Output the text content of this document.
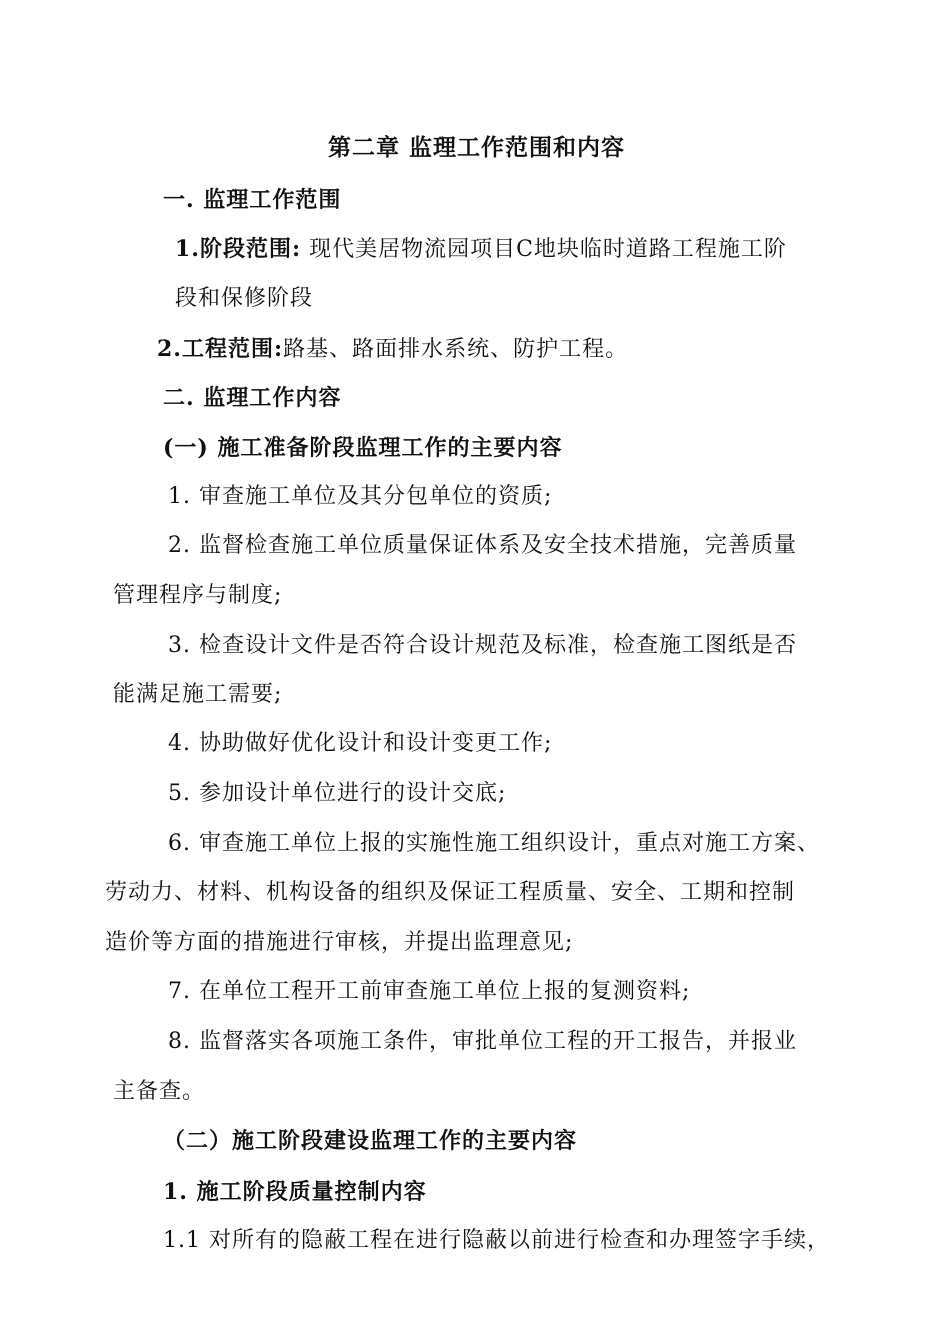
第二章 监理工作范围和内容

一. 监理工作范围

1.阶段范围: 现代美居物流园项目C地块临时道路工程施工阶

段和保修阶段

2.工程范围:路基、路面排水系统、防护工程。

二. 监理工作内容

(一) 施工准备阶段监理工作的主要内容

1. 审查施工单位及其分包单位的资质;

2. 监督检查施工单位质量保证体系及安全技术措施，完善质量

管理程序与制度;

3. 检查设计文件是否符合设计规范及标准，检查施工图纸是否

能满足施工需要;

4. 协助做好优化设计和设计变更工作;

5. 参加设计单位进行的设计交底;

6. 审查施工单位上报的实施性施工组织设计，重点对施工方案、

劳动力、材料、机构设备的组织及保证工程质量、安全、工期和控制

造价等方面的措施进行审核，并提出监理意见;

7. 在单位工程开工前审查施工单位上报的复测资料;

8. 监督落实各项施工条件，审批单位工程的开工报告，并报业

主备查。

（二）施工阶段建设监理工作的主要内容

1. 施工阶段质量控制内容

1.1 对所有的隐蔽工程在进行隐蔽以前进行检查和办理签字手续，
